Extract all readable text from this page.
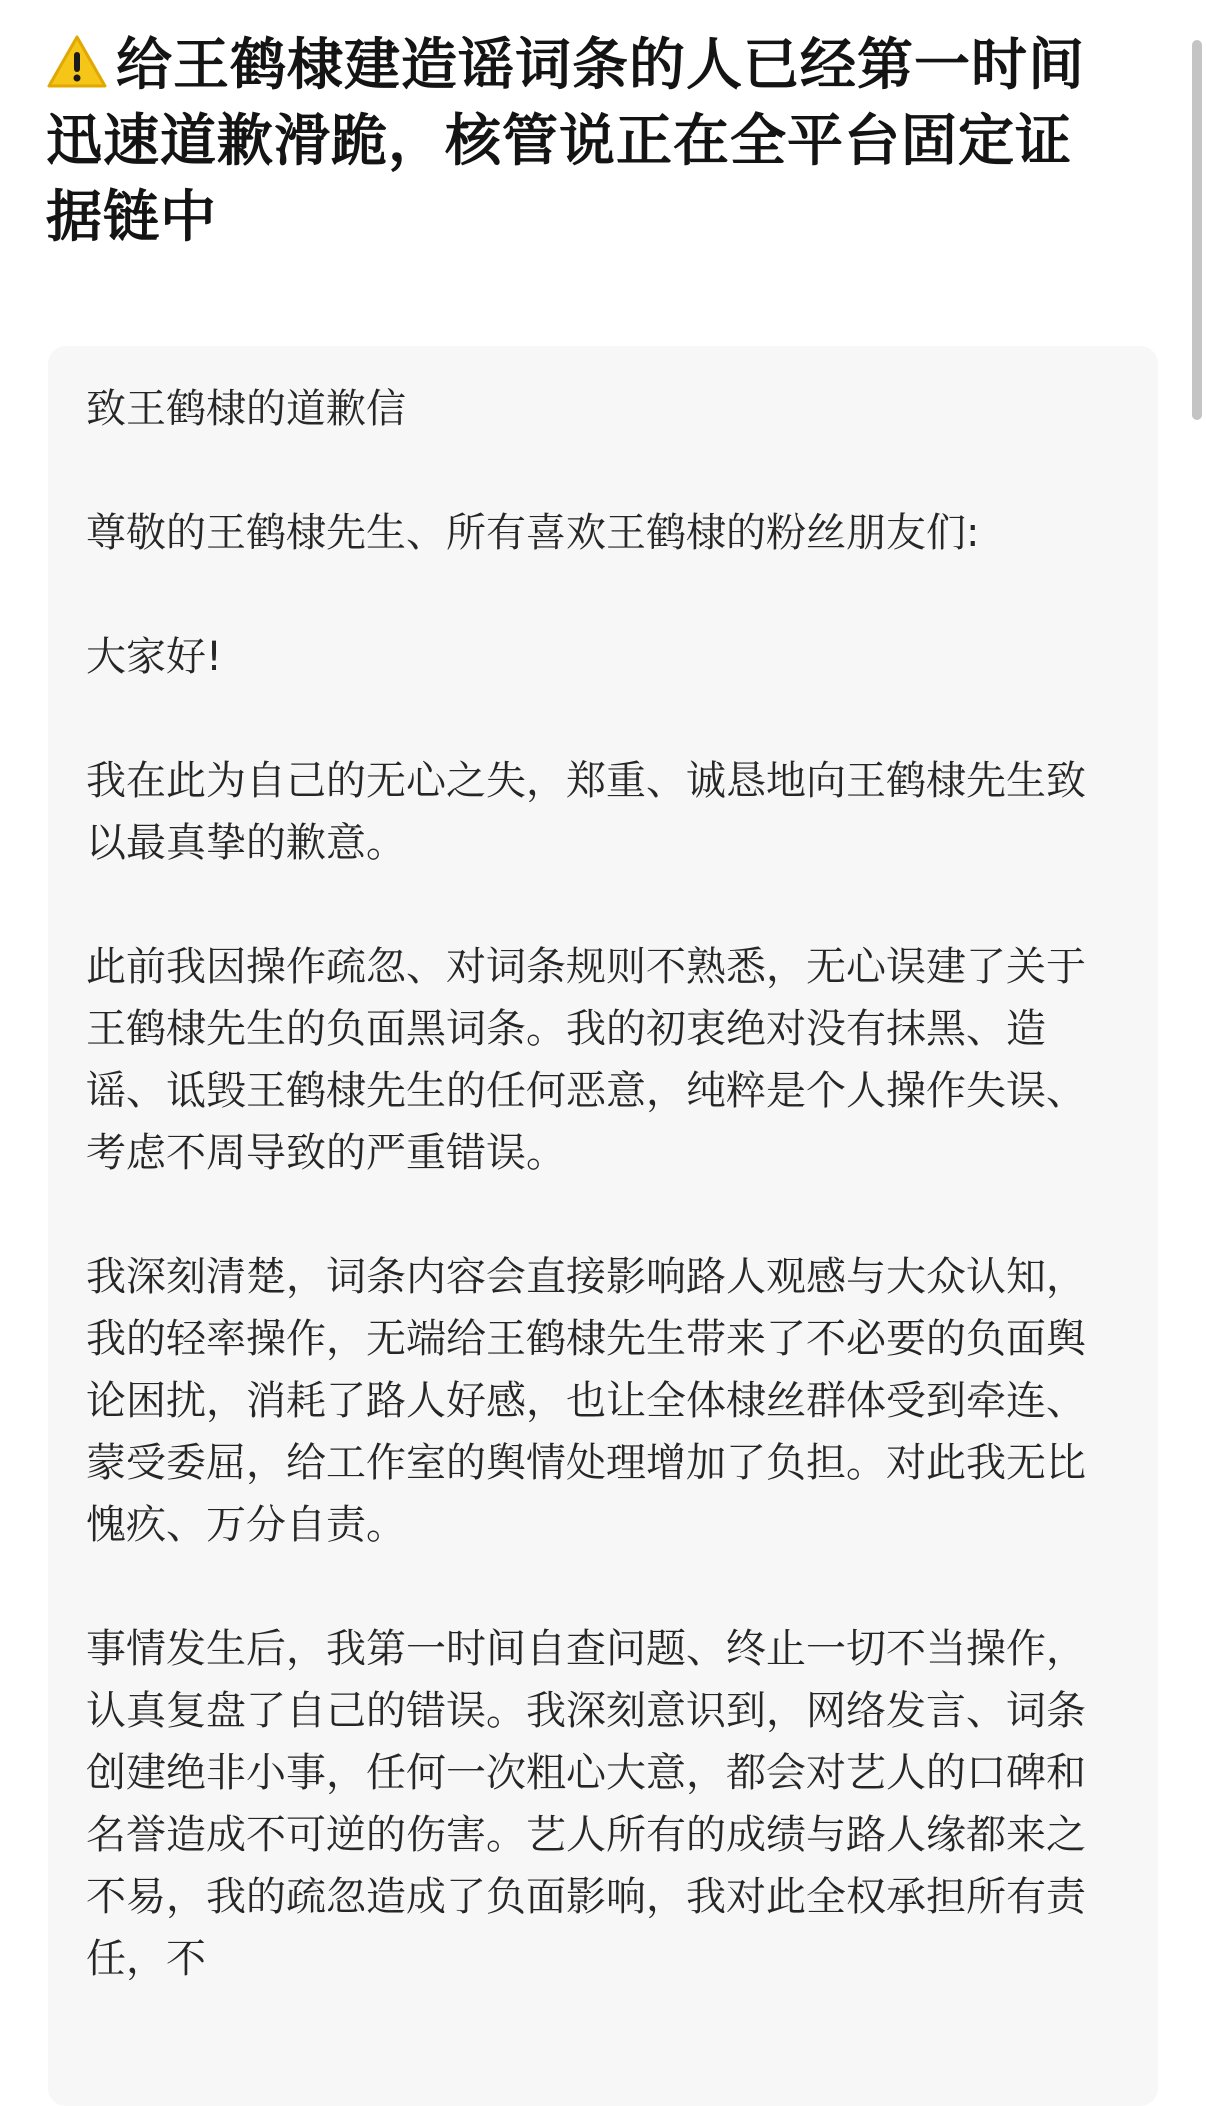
给王鹤棣建造谣词条的人已经第一时间迅速道歉滑跪，核管说正在全平台固定证据链中

致王鹤棣的道歉信

尊敬的王鹤棣先生、所有喜欢王鹤棣的粉丝朋友们:

大家好!

我在此为自己的无心之失，郑重、诚恳地向王鹤棣先生致以最真挚的歉意。

此前我因操作疏忽、对词条规则不熟悉，无心误建了关于王鹤棣先生的负面黑词条。我的初衷绝对没有抹黑、造谣、诋毁王鹤棣先生的任何恶意，纯粹是个人操作失误、考虑不周导致的严重错误。

我深刻清楚，词条内容会直接影响路人观感与大众认知，我的轻率操作，无端给王鹤棣先生带来了不必要的负面舆论困扰，消耗了路人好感，也让全体棣丝群体受到牵连、蒙受委屈，给工作室的舆情处理增加了负担。对此我无比愧疚、万分自责。

事情发生后，我第一时间自查问题、终止一切不当操作，认真复盘了自己的错误。我深刻意识到，网络发言、词条创建绝非小事，任何一次粗心大意，都会对艺人的口碑和名誉造成不可逆的伤害。艺人所有的成绩与路人缘都来之不易，我的疏忽造成了负面影响，我对此全权承担所有责任，不
